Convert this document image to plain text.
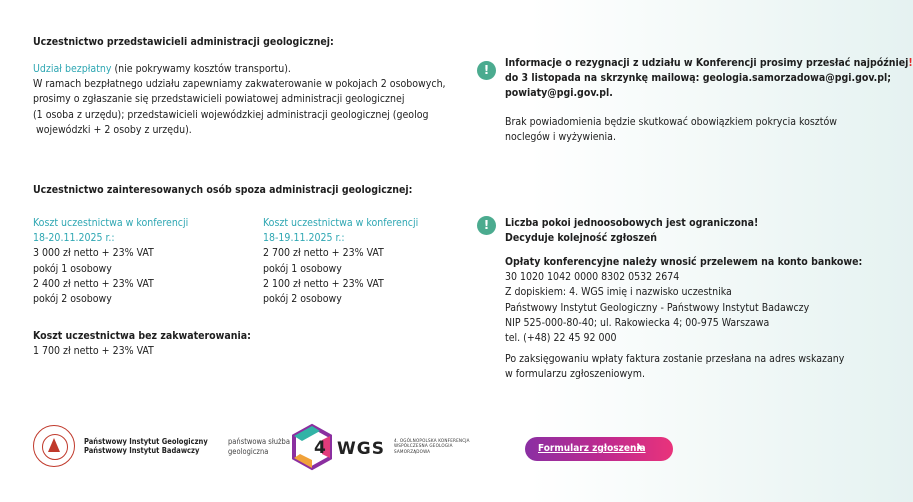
Uczestnictwo przedstawicieli administracji geologicznej:
Udział bezpłatny (nie pokrywamy kosztów transportu).
W ramach bezpłatnego udziału zapewniamy zakwaterowanie w pokojach 2 osobowych,
prosimy o zgłaszanie się przedstawicieli powiatowej administracji geologicznej
(1 osoba z urzędu); przedstawicieli wojewódzkiej administracji geologicznej (geolog
wojewódzki + 2 osoby z urzędu).
!	Informacje o rezygnacji z udziału w Konferencji prosimy przesłać najpóźniej!
do 3 listopada na skrzynkę mailową: geologia.samorzadowa@pgi.gov.pl;
powiaty@pgi.gov.pl.
Brak powiadomienia będzie skutkować obowiązkiem pokrycia kosztów
noclegów i wyżywienia.
Uczestnictwo zainteresowanych osób spoza administracji geologicznej:
Koszt uczestnictwa w konferencji
18-20.11.2025 r.:
3 000 zł netto + 23% VAT
pokój 1 osobowy
2 400 zł netto + 23% VAT
pokój 2 osobowy
Koszt uczestnictwa w konferencji
18-19.11.2025 r.:
2 700 zł netto + 23% VAT
pokój 1 osobowy
2 100 zł netto + 23% VAT
pokój 2 osobowy
Koszt uczestnictwa bez zakwaterowania:
1 700 zł netto + 23% VAT
!	Liczba pokoi jednoosobowych jest ograniczona!
Decyduje kolejność zgłoszeń
Opłaty konferencyjne należy wnosić przelewem na konto bankowe:
30 1020 1042 0000 8302 0532 2674
Z dopiskiem: 4. WGS imię i nazwisko uczestnika
Państwowy Instytut Geologiczny - Państwowy Instytut Badawczy
NIP 525-000-80-40; ul. Rakowiecka 4; 00-975 Warszawa
tel. (+48) 22 45 92 000
Po zaksięgowaniu wpłaty faktura zostanie przesłana na adres wskazany
w formularzu zgłoszeniowym.
Państwowy Instytut Geologiczny
Państwowy Instytut Badawczy
państwowa służba
geologiczna	4 WGS 4. OGÓLNOPOLSKA KONFERENCJA
WSPÓŁCZESNA GEOLOGIA
SAMORZĄDOWA	Formularz zgłoszenia
